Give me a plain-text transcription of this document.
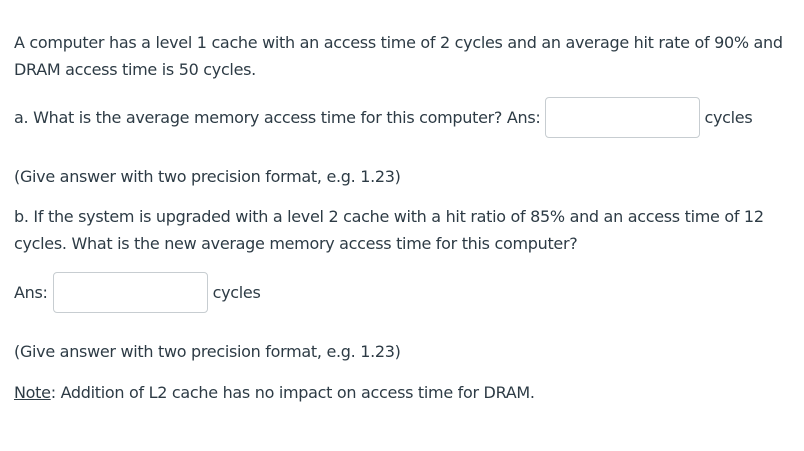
A computer has a level 1 cache with an access time of 2 cycles and an average hit rate of 90% and
DRAM access time is 50 cycles.
a. What is the average memory access time for this computer? Ans:	cycles
(Give answer with two precision format, e.g. 1.23)
b. If the system is upgraded with a level 2 cache with a hit ratio of 85% and an access time of 12
cycles. What is the new average memory access time for this computer?
Ans:	cycles
(Give answer with two precision format, e.g. 1.23)
Note: Addition of L2 cache has no impact on access time for DRAM.
